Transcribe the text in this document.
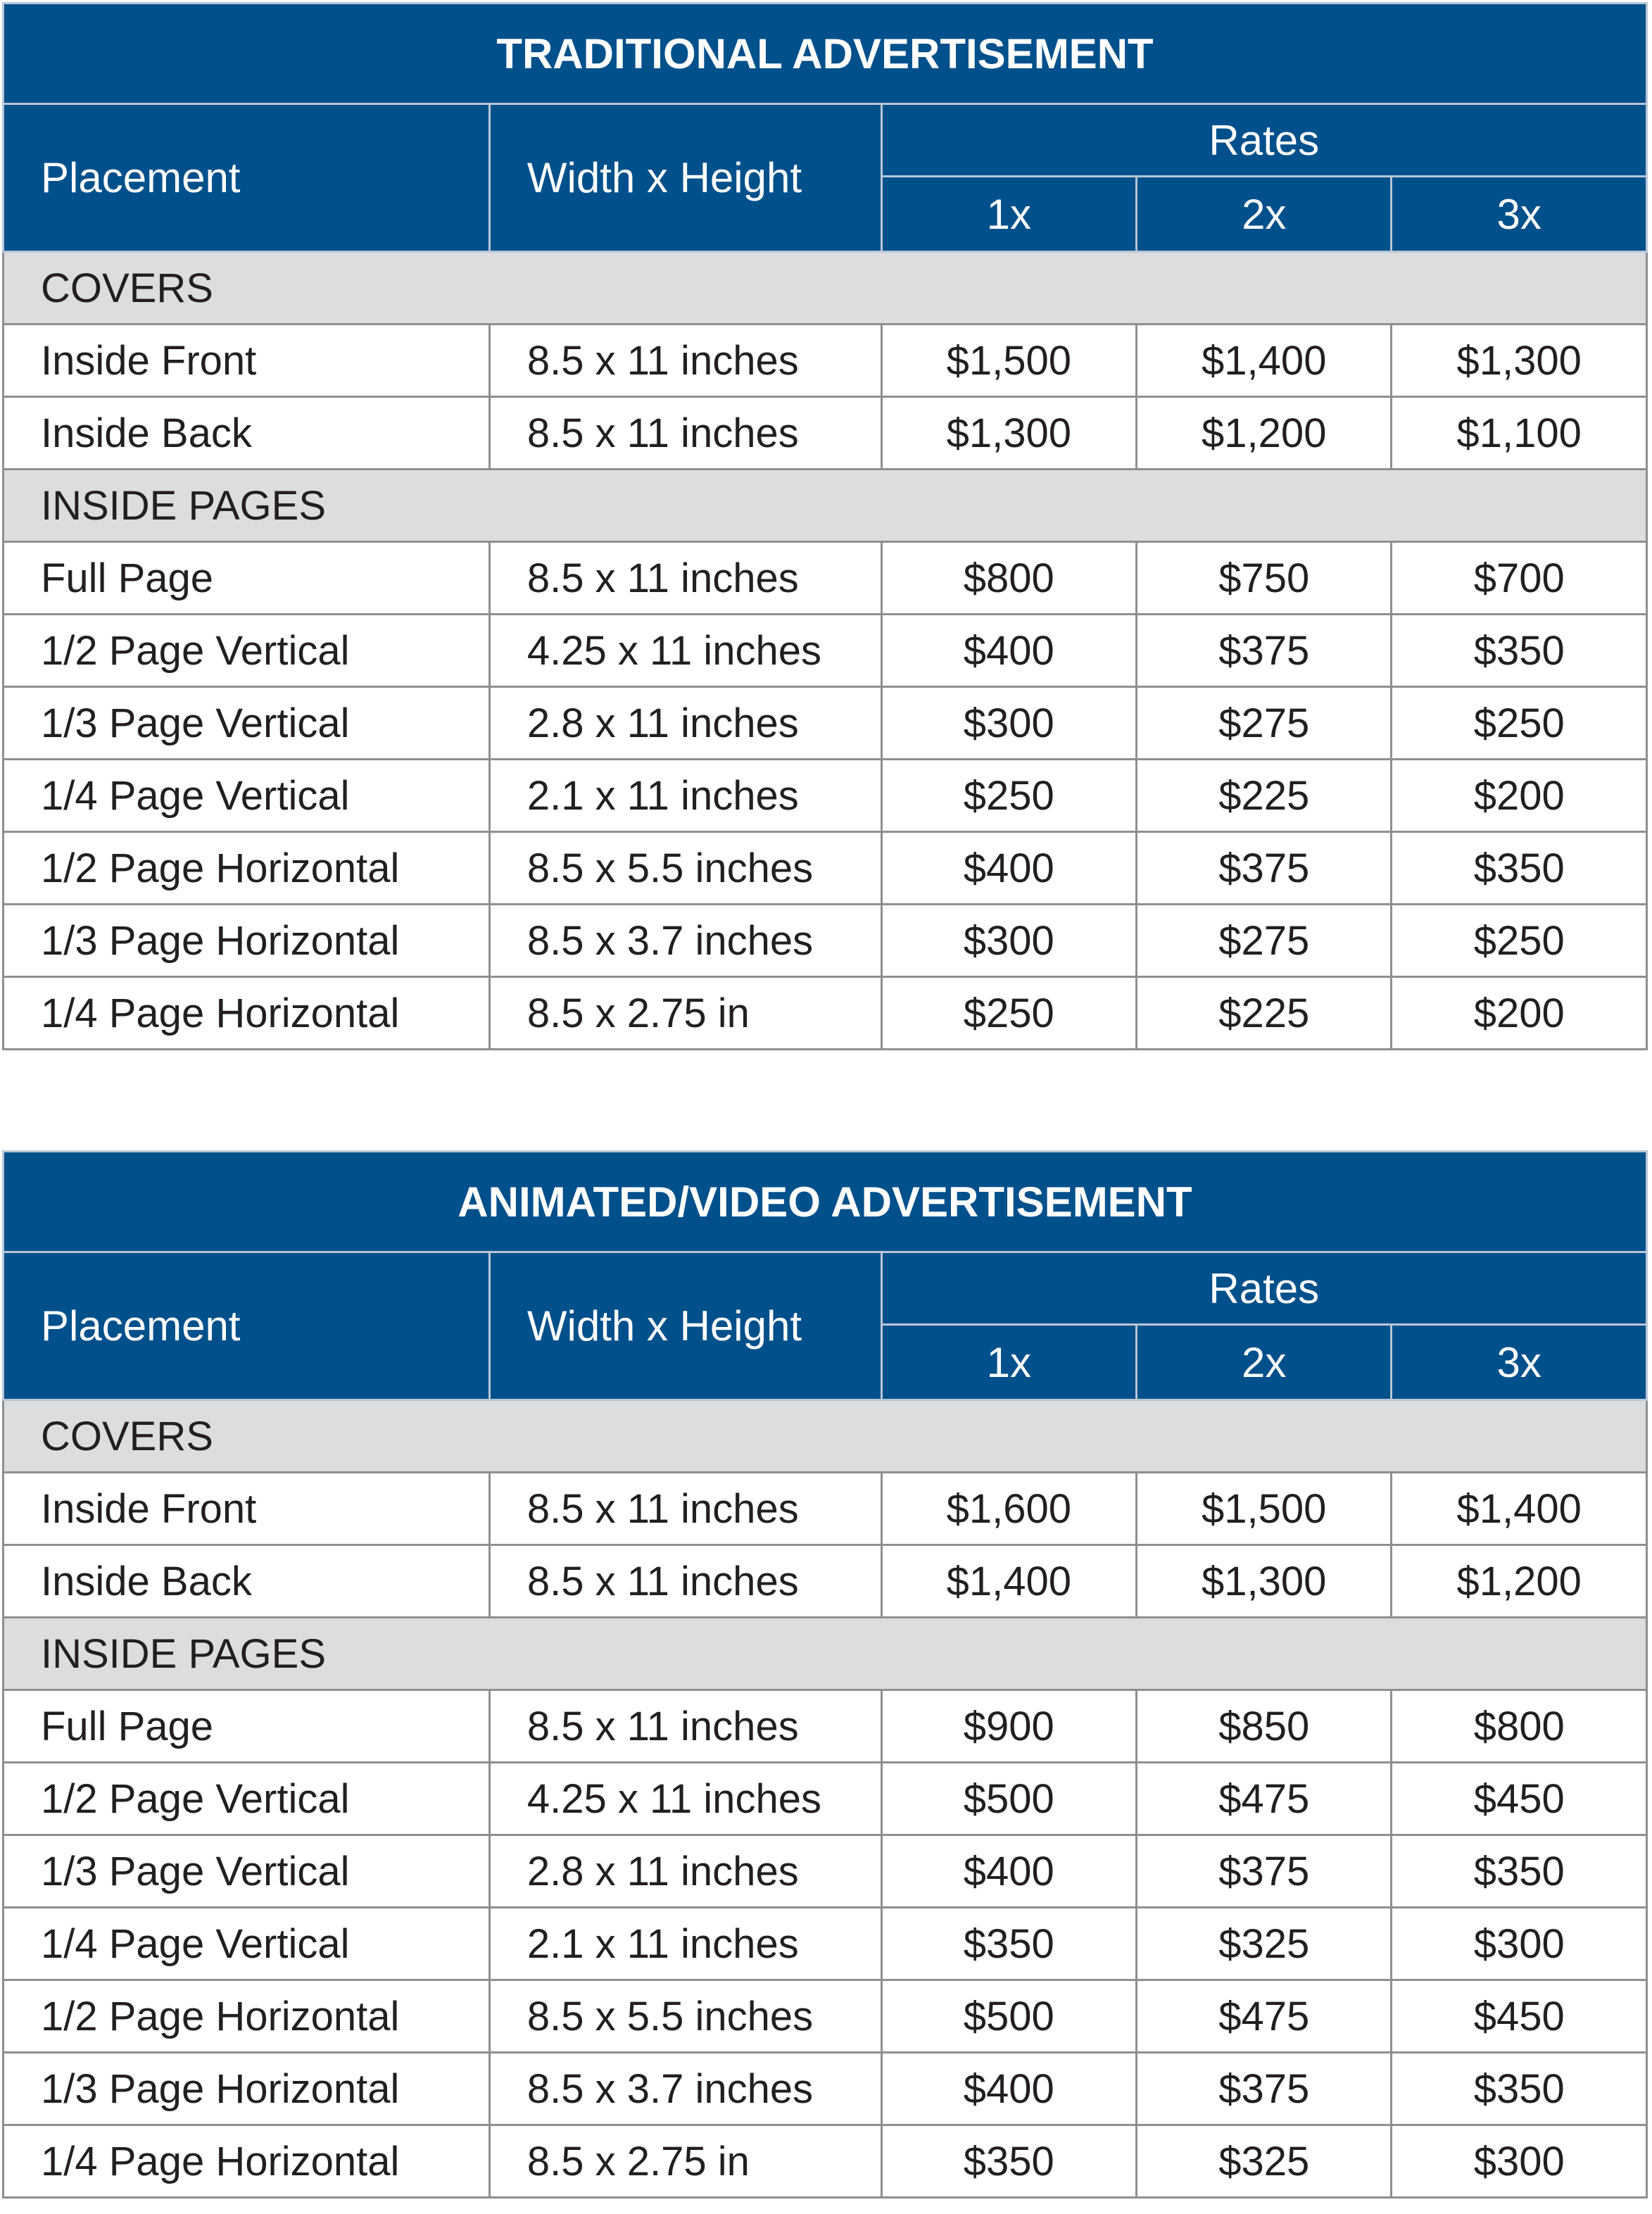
TRADITIONAL ADVERTISEMENT				
Placement	Width x Height	Rates		
		1x	2x	3x
COVERS				
Inside Front	8.5 x 11 inches	$1,500	$1,400	$1,300
Inside Back	8.5 x 11 inches	$1,300	$1,200	$1,100
INSIDE PAGES				
Full Page	8.5 x 11 inches	$800	$750	$700
1/2 Page Vertical	4.25 x 11 inches	$400	$375	$350
1/3 Page Vertical	2.8 x 11 inches	$300	$275	$250
1/4 Page Vertical	2.1 x 11 inches	$250	$225	$200
1/2 Page Horizontal	8.5 x 5.5 inches	$400	$375	$350
1/3 Page Horizontal	8.5 x 3.7 inches	$300	$275	$250
1/4 Page Horizontal	8.5 x 2.75 in	$250	$225	$200
ANIMATED/VIDEO ADVERTISEMENT				
Placement	Width x Height	Rates		
		1x	2x	3x
COVERS				
Inside Front	8.5 x 11 inches	$1,600	$1,500	$1,400
Inside Back	8.5 x 11 inches	$1,400	$1,300	$1,200
INSIDE PAGES				
Full Page	8.5 x 11 inches	$900	$850	$800
1/2 Page Vertical	4.25 x 11 inches	$500	$475	$450
1/3 Page Vertical	2.8 x 11 inches	$400	$375	$350
1/4 Page Vertical	2.1 x 11 inches	$350	$325	$300
1/2 Page Horizontal	8.5 x 5.5 inches	$500	$475	$450
1/3 Page Horizontal	8.5 x 3.7 inches	$400	$375	$350
1/4 Page Horizontal	8.5 x 2.75 in	$350	$325	$300
